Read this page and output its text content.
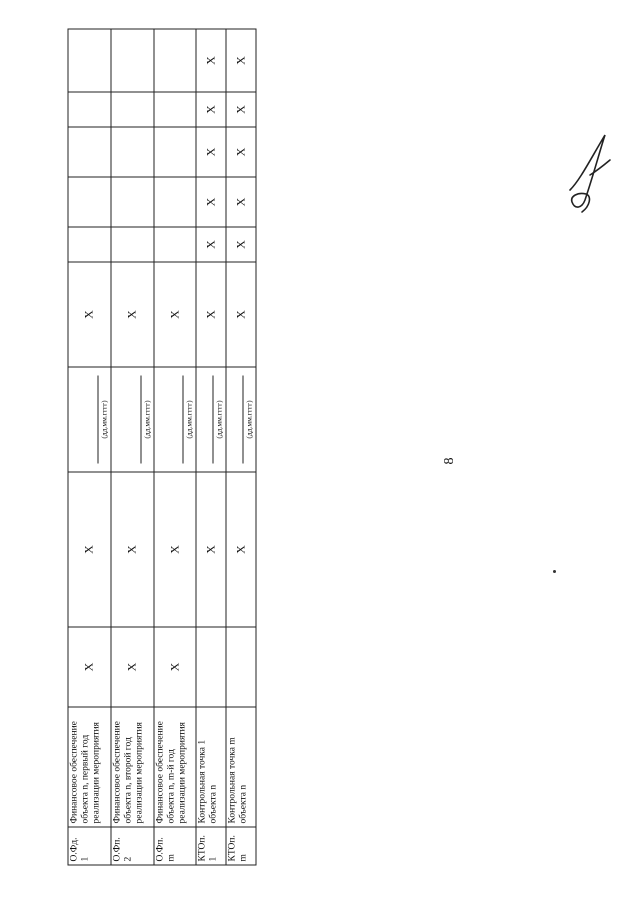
8
О.Фд.
1	Финансовое обеспечение объекта n, первый год реализации мероприятия	X	X	(дд.мм.гггг)	X					
О.Фп.
2	Финансовое обеспечение объекта n, второй год реализации мероприятия	X	X	(дд.мм.гггг)	X					
О.Фп.
m	Финансовое обеспечение объекта n, m-й год реализации мероприятия	X	X	(дд.мм.гггг)	X					
КТОп.
1	Контрольная точка 1 объекта n		X	(дд.мм.гггг)	X	X	X	X	X	X
КТОп.
m	Контрольная точка m объекта n		X	(дд.мм.гггг)	X	X	X	X	X	X
